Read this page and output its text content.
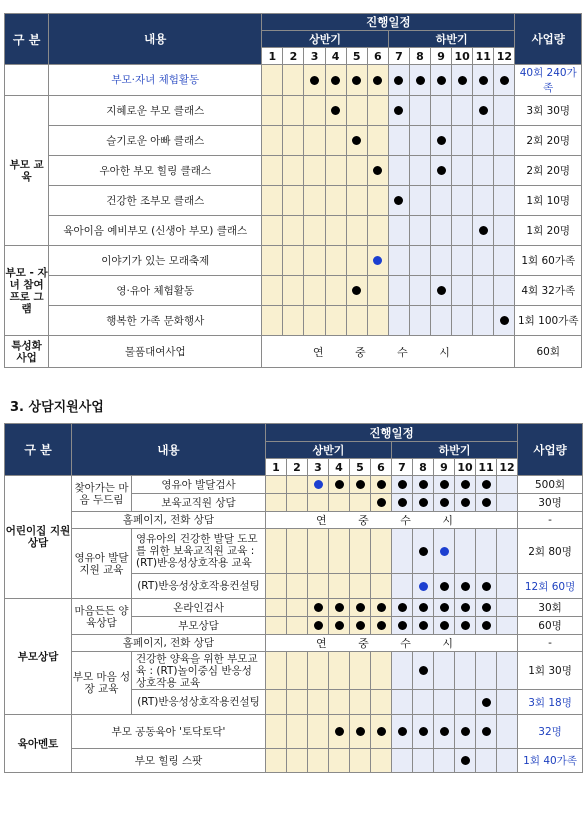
구 분	내용	진행일정												사업량
		상반기						하반기						
		1	2	3	4	5	6	7	8	9	10	11	12	
	부모·자녀 체험활동													40회 240가족
부모 교육	지혜로운 부모 클래스													3회 30명
	슬기로운 아빠 클래스													2회 20명
	우아한 부모 힐링 클래스													2회 20명
	건강한 조부모 클래스													1회 10명
	육아이음 예비부모 (신생아 부모) 클래스													1회 20명
부모 - 자녀 참여 프로 그램	이야기가 있는 모래축제													1회 60가족
	영·유아 체험활동													4회 32가족
	행복한 가족 문화행사													1회 100가족
특성화 사업	물품대여사업	연 중 수 시												60회
3. 상담지원사업
구 분	내용		진행일정												사업량
			상반기						하반기						
			1	2	3	4	5	6	7	8	9	10	11	12	
어린이집 지원상담	찾아가는 마음 두드림	영유아 발달검사													500회
		보육교직원 상담													30명
	홈페이지, 전화 상담		연 중 수 시												-
	영유아 발달 지원 교육	영유아의 건강한 발달 도모를 위한 보육교직원 교육 :(RT)반응성상호작용 교육													2회 80명
		(RT)반응성상호작용컨설팅													12회 60명
부모상담	마음든든 양육상담	온라인검사													30회
		부모상담													60명
	홈페이지, 전화 상담		연 중 수 시												-
	부모 마음 성장 교육	건강한 양육을 위한 부모교육 : (RT)놀이중심 반응성 상호작용 교육													1회 30명
		(RT)반응성상호작용컨설팅													3회 18명
육아멘토	부모 공동육아 '토닥토닥'														32명
	부모 힐링 스팟														1회 40가족
